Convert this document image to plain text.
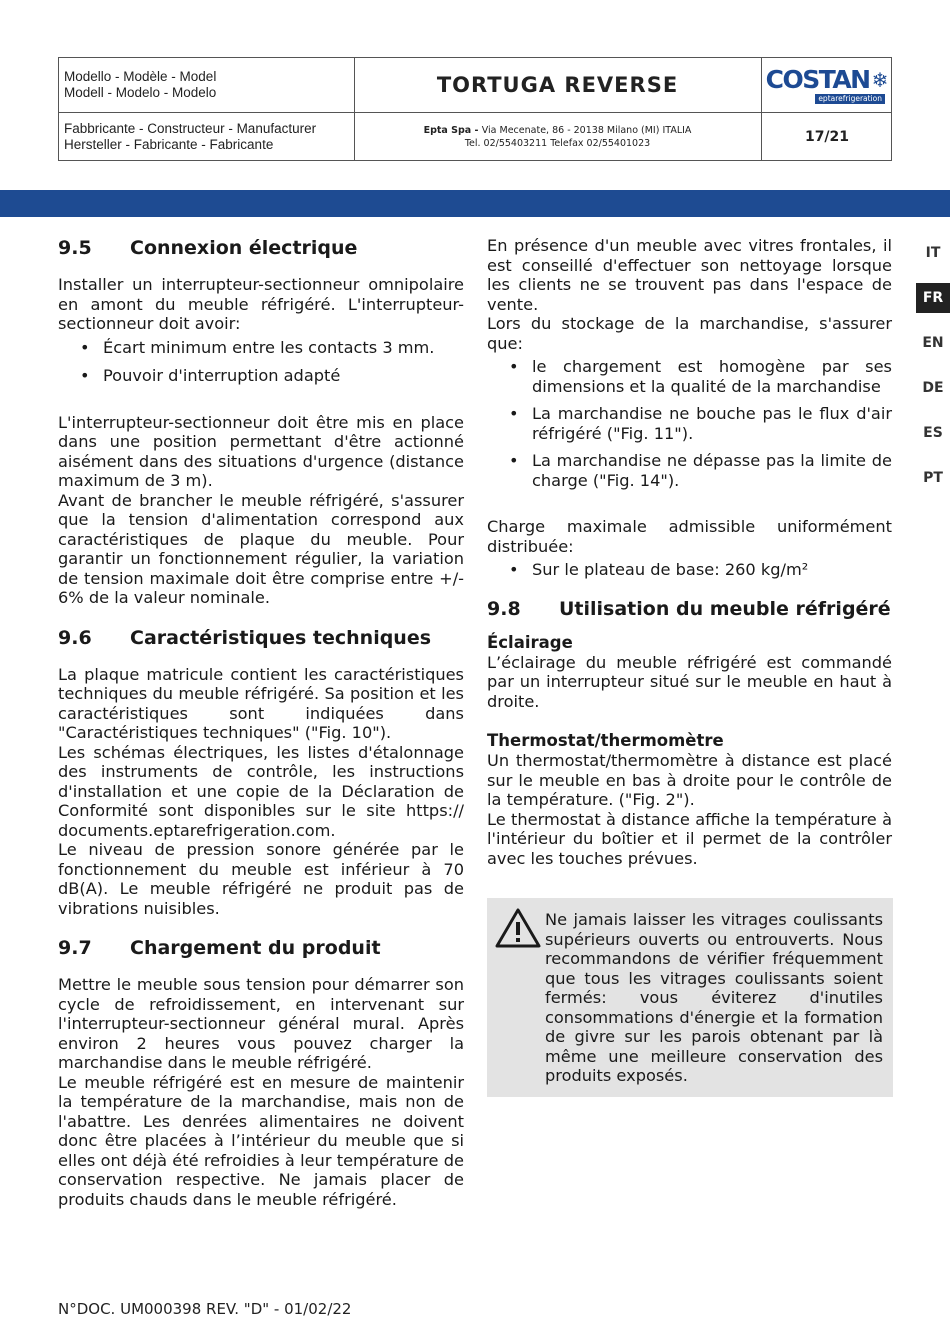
Modello - Modèle - Model
Modell - Modelo - Modelo
Fabbricante - Constructeur - Manufacturer
Hersteller - Fabricante - Fabricante
TORTUGA REVERSE
Epta Spa - Via Mecenate, 86 - 20138 Milano (MI) ITALIA
Tel. 02/55403211 Telefax 02/55401023
COSTAN ❄
eptarefrigeration
17/21
IT
FR
EN
DE
ES
PT
9.5 Connexion électrique

Installer un interrupteur-sectionneur omnipolaire en amont du meuble réfrigéré. L'interrupteur-sectionneur doit avoir:

• Écart minimum entre les contacts 3 mm.
• Pouvoir d'interruption adapté

L'interrupteur-sectionneur doit être mis en place dans une position permettant d'être actionné aisément dans des situations d'urgence (distance maximum de 3 m).

Avant de brancher le meuble réfrigéré, s'assurer que la tension d'alimentation correspond aux caractéristiques de plaque du meuble. Pour garantir un fonctionnement régulier, la variation de tension maximale doit être comprise entre +/- 6% de la valeur nominale.

9.6 Caractéristiques techniques

La plaque matricule contient les caractéristiques techniques du meuble réfrigéré. Sa position et les caractéristiques sont indiquées dans "Caractéristiques techniques" ("Fig. 10").

Les schémas électriques, les listes d'étalonnage des instruments de contrôle, les instructions d'installation et une copie de la Déclaration de Conformité sont disponibles sur le site https:// documents.eptarefrigeration.com.

Le niveau de pression sonore générée par le fonctionnement du meuble est inférieur à 70 dB(A). Le meuble réfrigéré ne produit pas de vibrations nuisibles.

9.7 Chargement du produit

Mettre le meuble sous tension pour démarrer son cycle de refroidissement, en intervenant sur l'interrupteur-sectionneur général mural. Après environ 2 heures vous pouvez charger la marchandise dans le meuble réfrigéré.

Le meuble réfrigéré est en mesure de maintenir la température de la marchandise, mais non de l'abattre. Les denrées alimentaires ne doivent donc être placées à l’intérieur du meuble que si elles ont déjà été refroidies à leur température de conservation respective. Ne jamais placer de produits chauds dans le meuble réfrigéré.

En présence d'un meuble avec vitres frontales, il est conseillé d'effectuer son nettoyage lorsque les clients ne se trouvent pas dans l'espace de vente.

Lors du stockage de la marchandise, s'assurer que:

• le chargement est homogène par ses dimensions et la qualité de la marchandise
• La marchandise ne bouche pas le flux d'air réfrigéré ("Fig. 11").
• La marchandise ne dépasse pas la limite de charge ("Fig. 14").

Charge maximale admissible uniformément distribuée:

• Sur le plateau de base: 260 kg/m²
9.8 Utilisation du meuble réfrigéré
Éclairage

L’éclairage du meuble réfrigéré est commandé par un interrupteur situé sur le meuble en haut à droite.

Thermostat/thermomètre

Un thermostat/thermomètre à distance est placé sur le meuble en bas à droite pour le contrôle de la température. ("Fig. 2").

Le thermostat à distance affiche la température à l'intérieur du boîtier et il permet de la contrôler avec les touches prévues.

Ne jamais laisser les vitrages coulissants supérieurs ouverts ou entrouverts. Nous recommandons de vérifier fréquemment que tous les vitrages coulissants soient fermés: vous éviterez d'inutiles consommations d'énergie et la formation de givre sur les parois obtenant par là même une meilleure conservation des produits exposés.
N°DOC. UM000398 REV. "D" - 01/02/22
